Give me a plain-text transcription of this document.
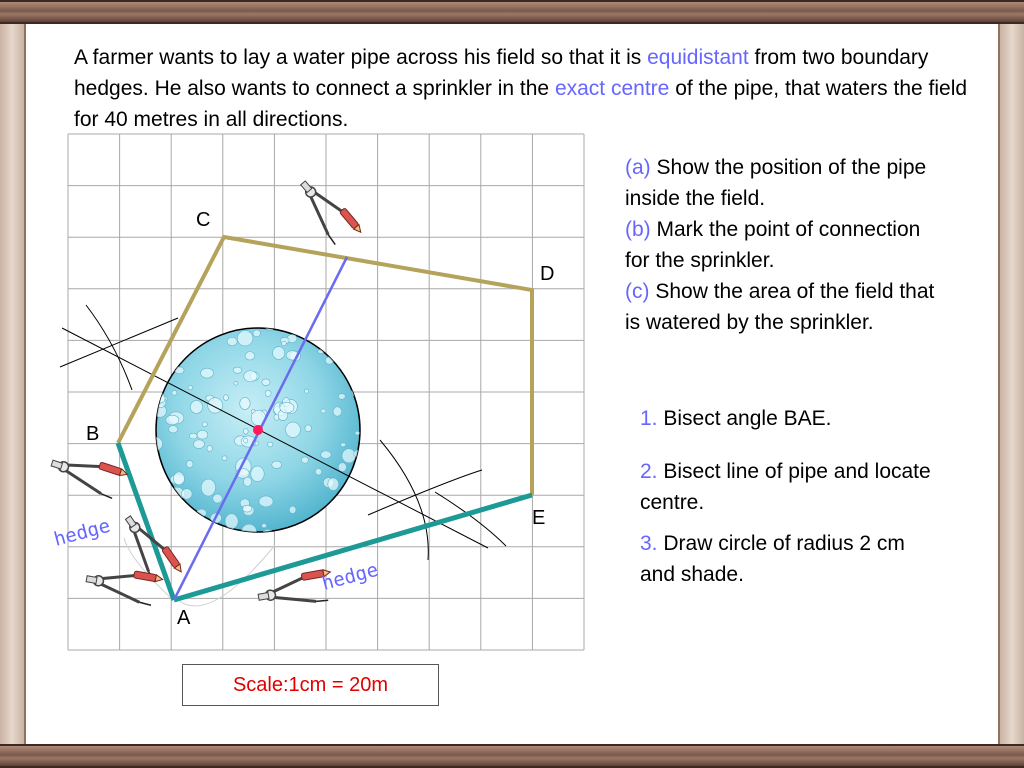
C
D
B
E
A
hedge
hedge

A farmer wants to lay a water pipe across his field so that it is equidistant from two boundary hedges. He also wants to connect a sprinkler in the exact centre of the pipe, that waters the field for 40 metres in all directions.

(a) Show the position of the pipe inside the field.
(b) Mark the point of connection for the sprinkler.
(c) Show the area of the field that is watered by the sprinkler.
1. Bisect angle BAE.
2. Bisect line of pipe and locate centre.
3. Draw circle of radius 2 cm and shade.
Scale:1cm = 20m
